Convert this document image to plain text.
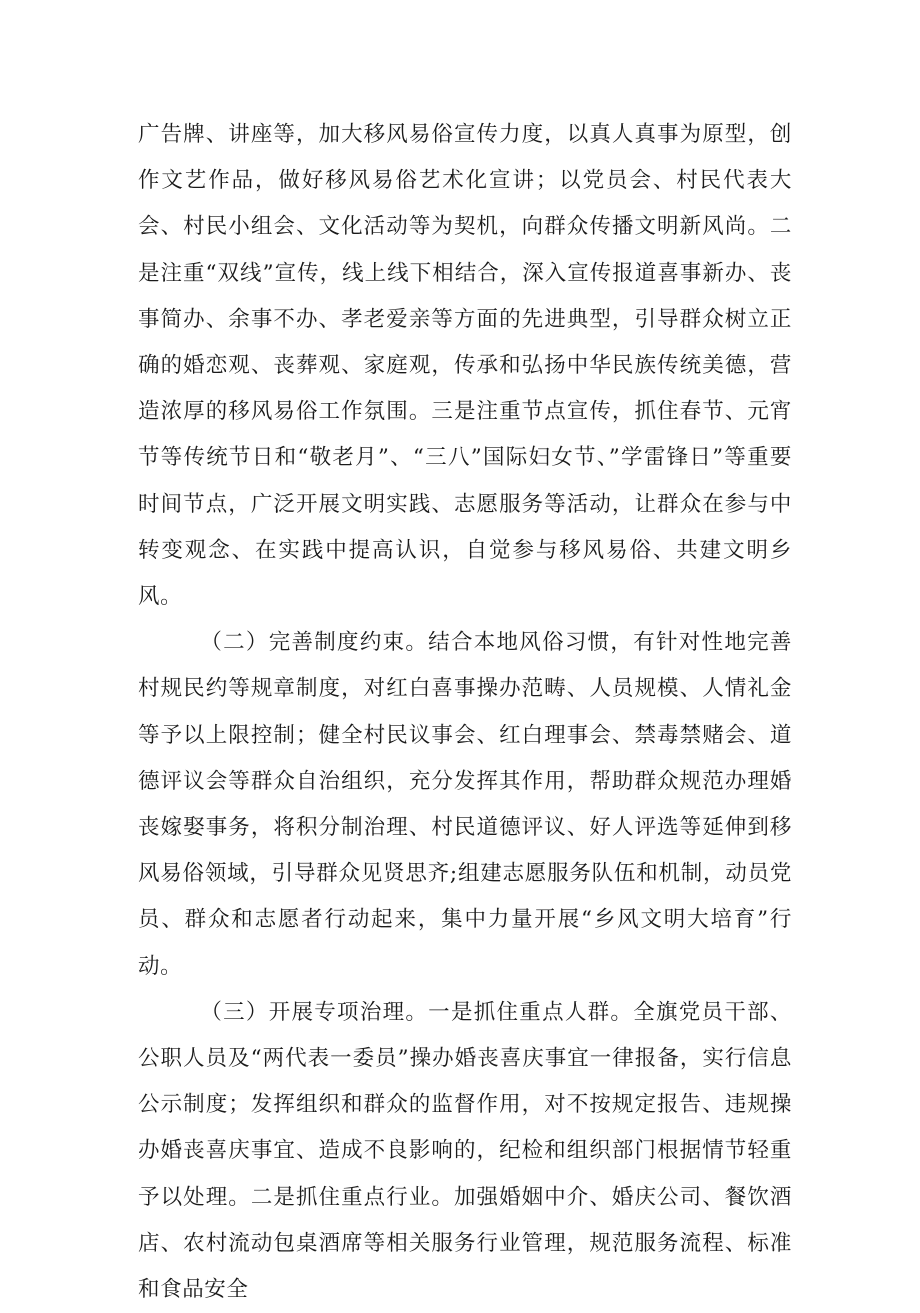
广告牌、讲座等，加大移风易俗宣传力度，以真人真事为原型，创作文艺作品，做好移风易俗艺术化宣讲；以党员会、村民代表大会、村民小组会、文化活动等为契机，向群众传播文明新风尚。二是注重“双线”宣传，线上线下相结合，深入宣传报道喜事新办、丧事简办、余事不办、孝老爱亲等方面的先进典型，引导群众树立正确的婚恋观、丧葬观、家庭观，传承和弘扬中华民族传统美德，营造浓厚的移风易俗工作氛围。三是注重节点宣传，抓住春节、元宵节等传统节日和“敬老月”、“三八”国际妇女节、”学雷锋日”等重要时间节点，广泛开展文明实践、志愿服务等活动，让群众在参与中转变观念、在实践中提高认识，自觉参与移风易俗、共建文明乡风。

（二）完善制度约束。结合本地风俗习惯，有针对性地完善村规民约等规章制度，对红白喜事操办范畴、人员规模、人情礼金等予以上限控制；健全村民议事会、红白理事会、禁毒禁赌会、道德评议会等群众自治组织，充分发挥其作用，帮助群众规范办理婚丧嫁娶事务，将积分制治理、村民道德评议、好人评选等延伸到移风易俗领域，引导群众见贤思齐;组建志愿服务队伍和机制，动员党员、群众和志愿者行动起来，集中力量开展“乡风文明大培育”行动。

（三）开展专项治理。一是抓住重点人群。全旗党员干部、公职人员及“两代表一委员”操办婚丧喜庆事宜一律报备，实行信息公示制度；发挥组织和群众的监督作用，对不按规定报告、违规操办婚丧喜庆事宜、造成不良影响的，纪检和组织部门根据情节轻重予以处理。二是抓住重点行业。加强婚姻中介、婚庆公司、餐饮酒店、农村流动包桌酒席等相关服务行业管理，规范服务流程、标准和食品安全
